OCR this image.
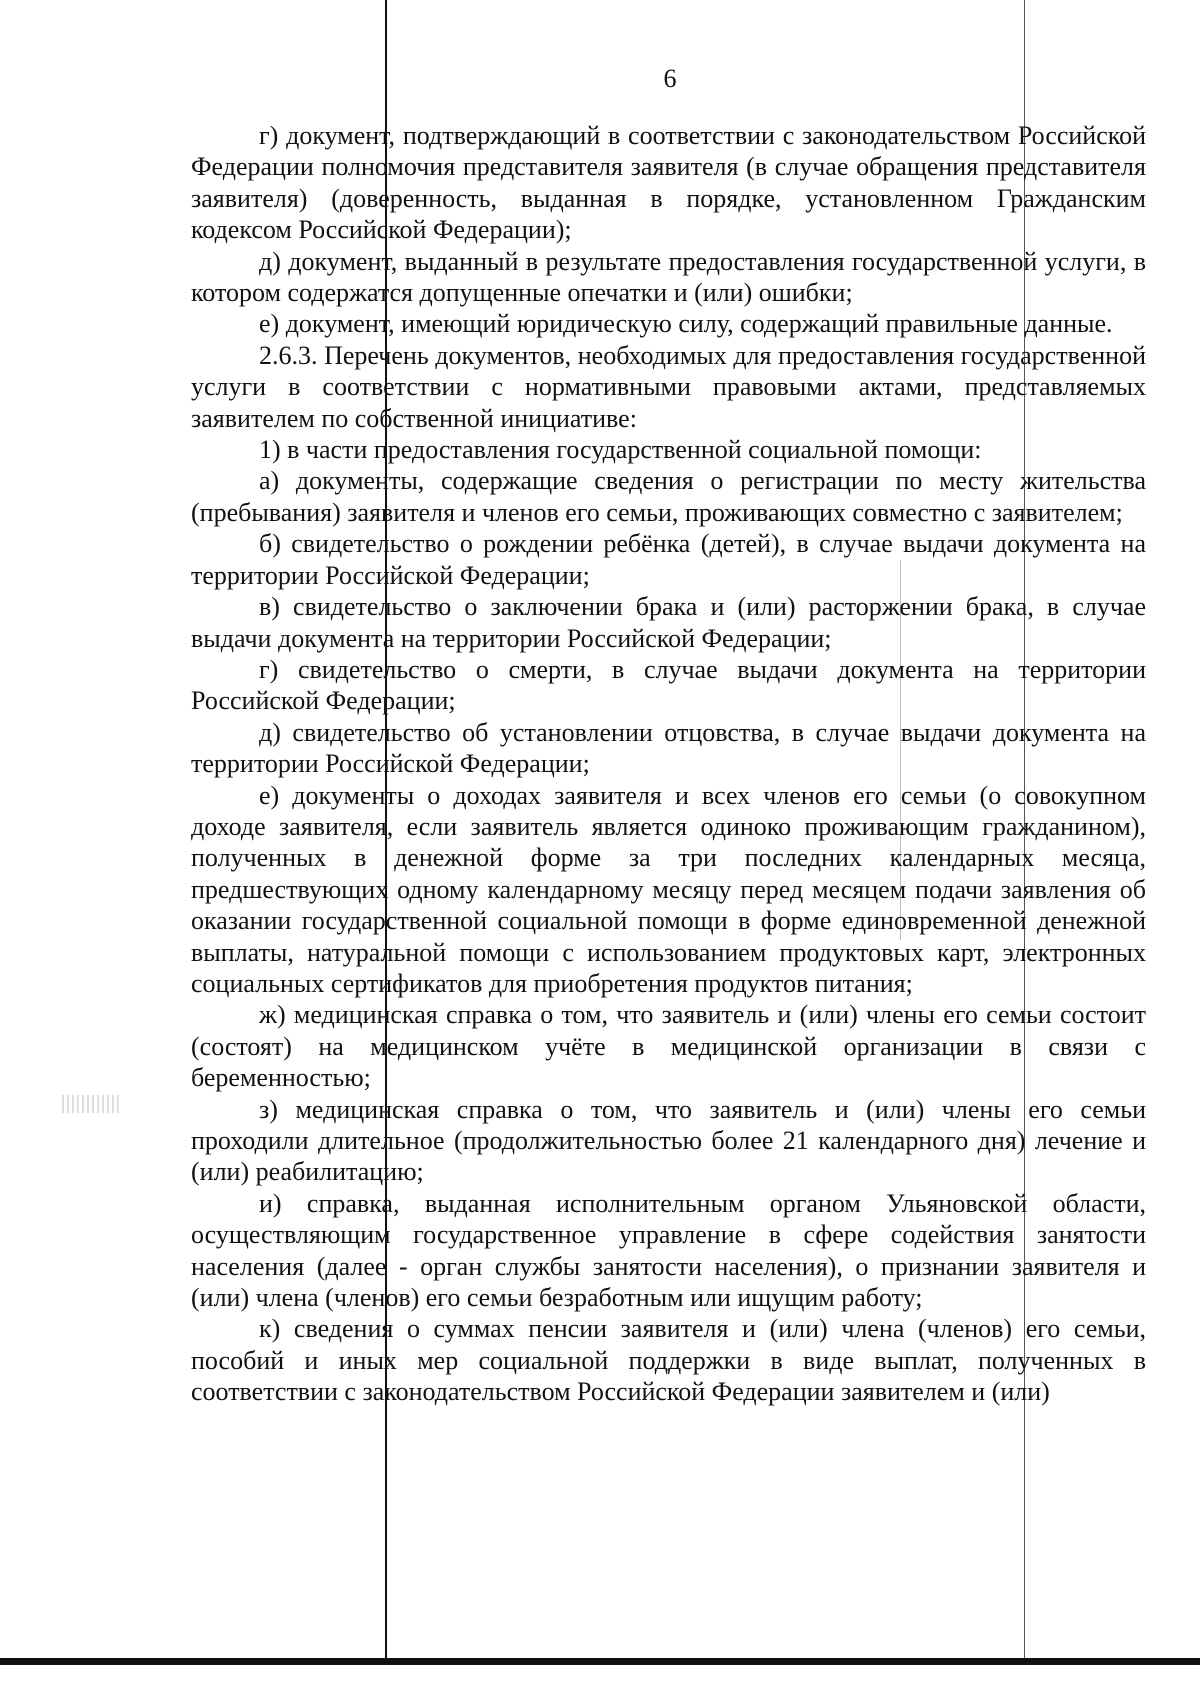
6

г) документ, подтверждающий в соответствии с законодательством Российской Федерации полномочия представителя заявителя (в случае обращения представителя заявителя) (доверенность, выданная в порядке, установленном Гражданским кодексом Российской Федерации);

д) документ, выданный в результате предоставления государственной услуги, в котором содержатся допущенные опечатки и (или) ошибки;

е) документ, имеющий юридическую силу, содержащий правильные данные.

2.6.3. Перечень документов, необходимых для предоставления государственной услуги в соответствии с нормативными правовыми актами, представляемых заявителем по собственной инициативе:

1) в части предоставления государственной социальной помощи:

а) документы, содержащие сведения о регистрации по месту жительства (пребывания) заявителя и членов его семьи, проживающих совместно с заявителем;

б) свидетельство о рождении ребёнка (детей), в случае выдачи документа на территории Российской Федерации;

в) свидетельство о заключении брака и (или) расторжении брака, в случае выдачи документа на территории Российской Федерации;

г) свидетельство о смерти, в случае выдачи документа на территории Российской Федерации;

д) свидетельство об установлении отцовства, в случае выдачи документа на территории Российской Федерации;

е) документы о доходах заявителя и всех членов его семьи (о совокупном доходе заявителя, если заявитель является одиноко проживающим гражданином), полученных в денежной форме за три последних календарных месяца, предшествующих одному календарному месяцу перед месяцем подачи заявления об оказании государственной социальной помощи в форме единовременной денежной выплаты, натуральной помощи с использованием продуктовых карт, электронных социальных сертификатов для приобретения продуктов питания;

ж) медицинская справка о том, что заявитель и (или) члены его семьи состоит (состоят) на медицинском учёте в медицинской организации в связи с беременностью;

з) медицинская справка о том, что заявитель и (или) члены его семьи проходили длительное (продолжительностью более 21 календарного дня) лечение и (или) реабилитацию;

и) справка, выданная исполнительным органом Ульяновской области, осуществляющим государственное управление в сфере содействия занятости населения (далее - орган службы занятости населения), о признании заявителя и (или) члена (членов) его семьи безработным или ищущим работу;

к) сведения о суммах пенсии заявителя и (или) члена (членов) его семьи, пособий и иных мер социальной поддержки в виде выплат, полученных в соответствии с законодательством Российской Федерации заявителем и (или)
